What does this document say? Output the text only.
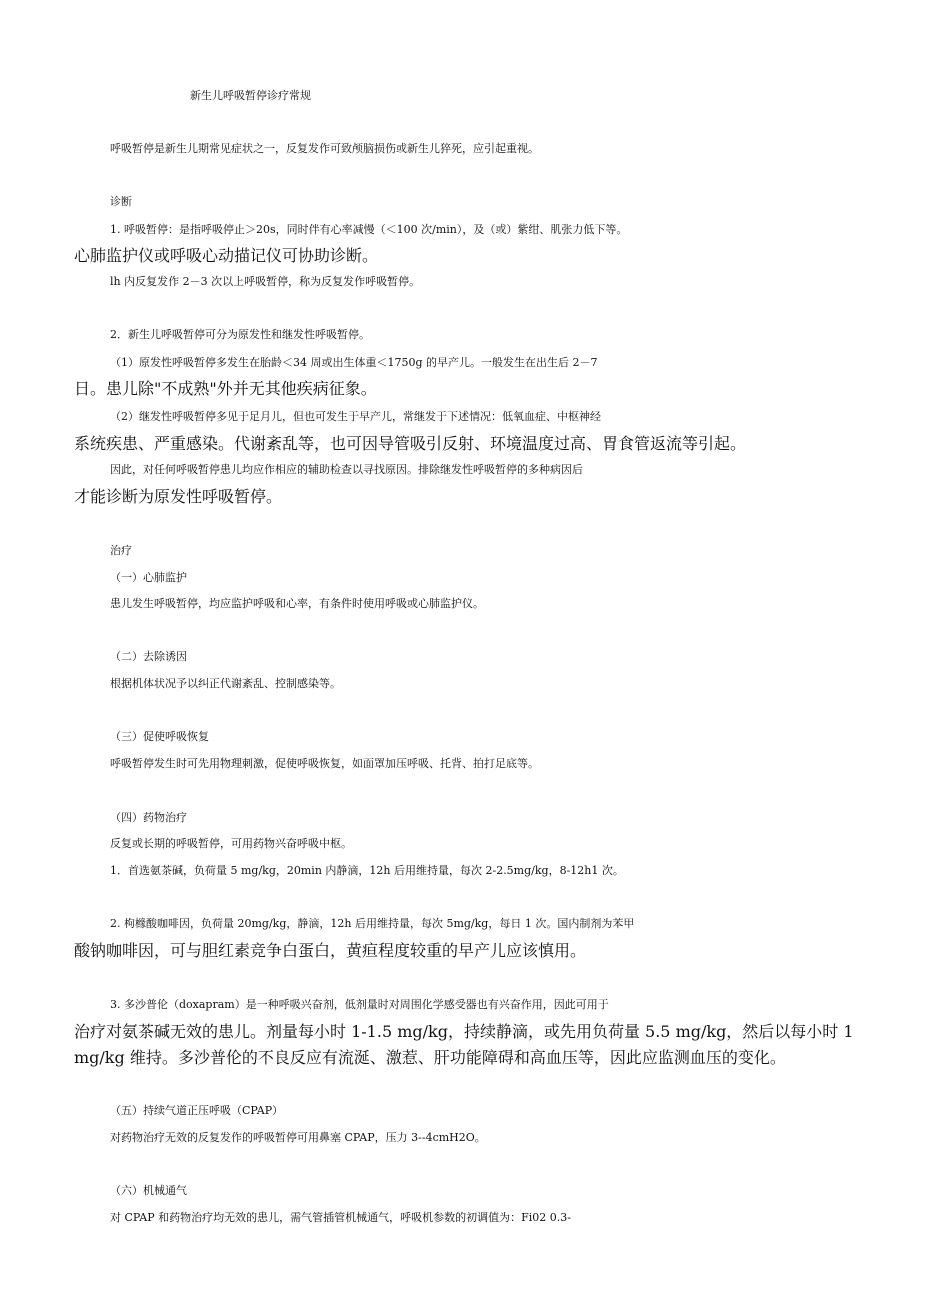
新生儿呼吸暂停诊疗常规
呼吸暂停是新生儿期常见症状之一，反复发作可致颅脑损伤或新生儿猝死，应引起重视。
诊断
1. 呼吸暂停：是指呼吸停止＞20s，同时伴有心率减慢（＜100 次/min），及（或）紫绀、肌张力低下等。
心肺监护仪或呼吸心动描记仪可协助诊断。
lh 内反复发作 2－3 次以上呼吸暂停，称为反复发作呼吸暂停。
2．新生儿呼吸暂停可分为原发性和继发性呼吸暂停。
（1）原发性呼吸暂停多发生在胎龄＜34 周或出生体重＜1750g 的早产儿。一般发生在出生后 2－7
日。患儿除"不成熟"外并无其他疾病征象。
（2）继发性呼吸暂停多见于足月儿，但也可发生于早产儿，常继发于下述情况：低氧血症、中枢神经
系统疾患、严重感染。代谢紊乱等，也可因导管吸引反射、环境温度过高、胃食管返流等引起。
因此，对任何呼吸暂停患儿均应作相应的辅助检查以寻找原因。排除继发性呼吸暂停的多种病因后
才能诊断为原发性呼吸暂停。
治疗
（一）心肺监护
患儿发生呼吸暂停，均应监护呼吸和心率，有条件时使用呼吸或心肺监护仪。
（二）去除诱因
根据机体状况予以纠正代谢紊乱、控制感染等。
（三）促使呼吸恢复
呼吸暂停发生时可先用物理刺激，促使呼吸恢复，如面罩加压呼吸、托背、拍打足底等。
（四）药物治疗
反复或长期的呼吸暂停，可用药物兴奋呼吸中枢。
1．首选氨茶碱，负荷量 5 mg/kg，20min 内静滴，12h 后用维持量，每次 2-2.5mg/kg，8-12h1 次。
2. 枸橼酸咖啡因，负荷量 20mg/kg，静滴，12h 后用维持量，每次 5mg/kg，每日 1 次。国内制剂为苯甲
酸钠咖啡因，可与胆红素竞争白蛋白，黄疸程度较重的早产儿应该慎用。
3. 多沙普伦（doxapram）是一种呼吸兴奋剂，低剂量时对周围化学感受器也有兴奋作用，因此可用于
治疗对氨茶碱无效的患儿。剂量每小时 1-1.5 mg/kg，持续静滴，或先用负荷量 5.5 mg/kg，然后以每小时 1
mg/kg 维持。多沙普伦的不良反应有流涎、激惹、肝功能障碍和高血压等，因此应监测血压的变化。
（五）持续气道正压呼吸（CPAP）
对药物治疗无效的反复发作的呼吸暂停可用鼻塞 CPAP，压力 3--4cmH2O。
（六）机械通气
对 CPAP 和药物治疗均无效的患儿，需气管插管机械通气，呼吸机参数的初调值为：Fi02 0.3-
